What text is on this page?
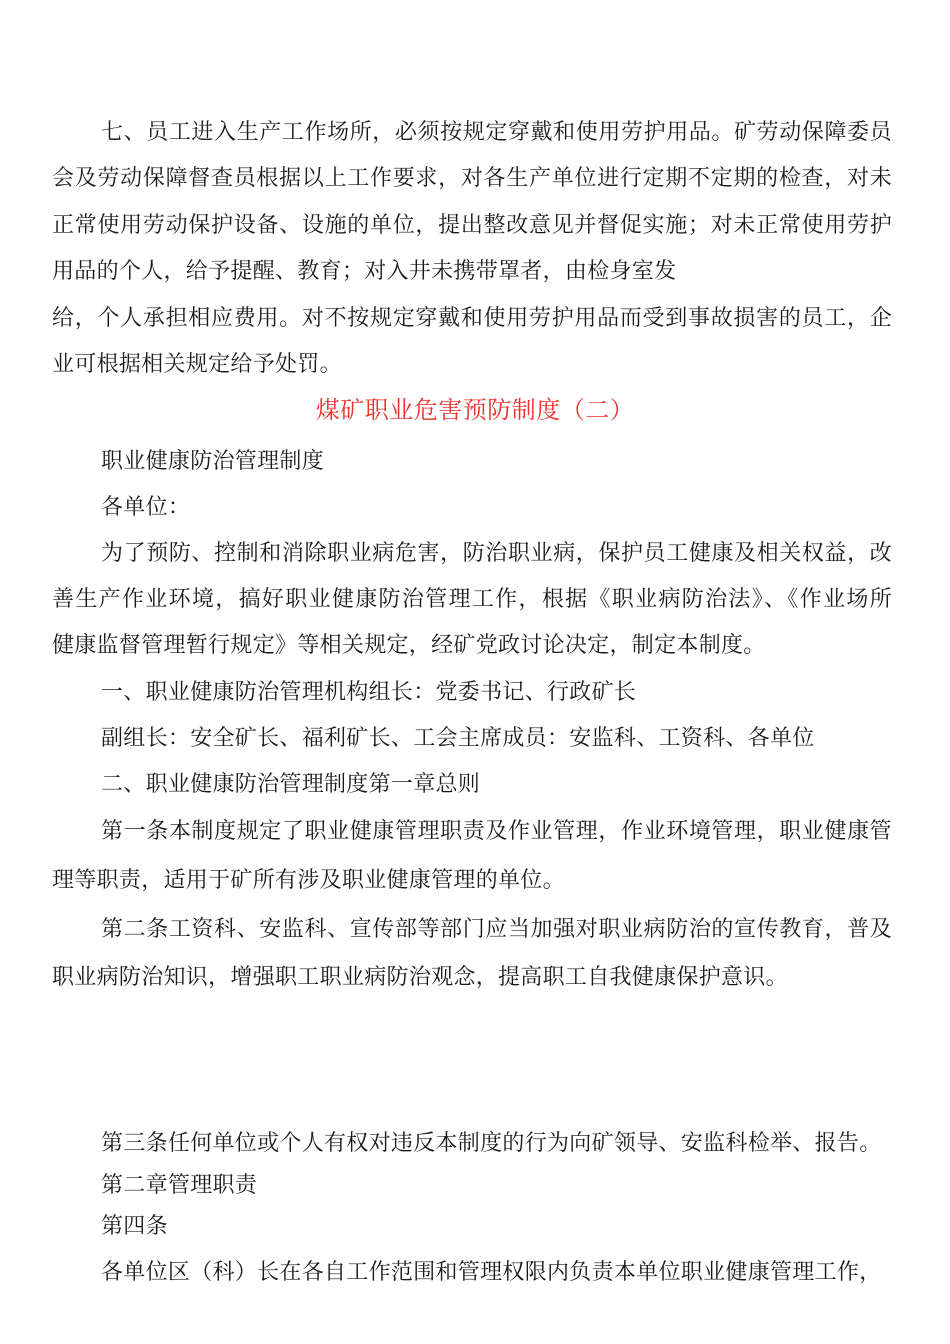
七、员工进入生产工作场所，必须按规定穿戴和使用劳护用品。矿劳动保障委员
会及劳动保障督查员根据以上工作要求，对各生产单位进行定期不定期的检查，对未
正常使用劳动保护设备、设施的单位，提出整改意见并督促实施；对未正常使用劳护
用品的个人，给予提醒、教育；对入井未携带罩者，由检身室发
给，个人承担相应费用。对不按规定穿戴和使用劳护用品而受到事故损害的员工，企
业可根据相关规定给予处罚。
煤矿职业危害预防制度（二）
职业健康防治管理制度
各单位：
为了预防、控制和消除职业病危害，防治职业病，保护员工健康及相关权益，改
善生产作业环境，搞好职业健康防治管理工作，根据《职业病防治法》、《作业场所
健康监督管理暂行规定》等相关规定，经矿党政讨论决定，制定本制度。
一、职业健康防治管理机构组长：党委书记、行政矿长
副组长：安全矿长、福利矿长、工会主席成员：安监科、工资科、各单位
二、职业健康防治管理制度第一章总则
第一条本制度规定了职业健康管理职责及作业管理，作业环境管理，职业健康管
理等职责，适用于矿所有涉及职业健康管理的单位。
第二条工资科、安监科、宣传部等部门应当加强对职业病防治的宣传教育，普及
职业病防治知识，增强职工职业病防治观念，提高职工自我健康保护意识。
第三条任何单位或个人有权对违反本制度的行为向矿领导、安监科检举、报告。
第二章管理职责
第四条
各单位区（科）长在各自工作范围和管理权限内负责本单位职业健康管理工作，
